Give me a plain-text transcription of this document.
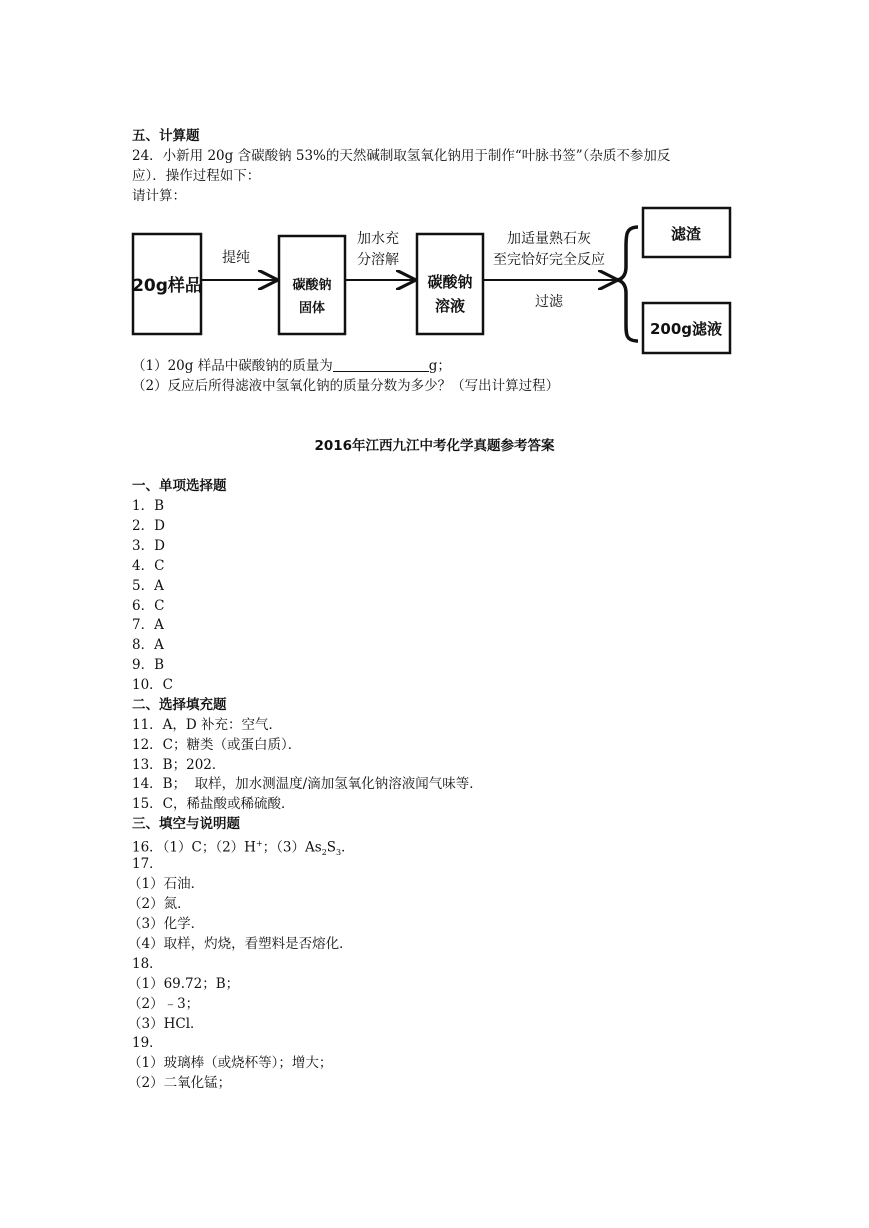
五、计算题
24．小新用 20g 含碳酸钠 53%的天然碱制取氢氧化钠用于制作“叶脉书签”（杂质不参加反
应）．操作过程如下：
请计算：
20g样品
提纯
碳酸钠
固体
加水充
分溶解
碳酸钠
溶液
加适量熟石灰
至完恰好完全反应
过滤
滤渣
200g滤液
（1）20g 样品中碳酸钠的质量为	g；
（2）反应后所得滤液中氢氧化钠的质量分数为多少？（写出计算过程）
2016年江西九江中考化学真题参考答案
一、单项选择题
1．B
2．D
3．D
4．C
5．A
6．C
7．A
8．A
9．B
10．C
二、选择填充题
11．A，D 补充：空气．
12．C；糖类（或蛋白质）．
13．B；202．
14．B；  取样，加水测温度/滴加氢氧化钠溶液闻气味等．
15．C，稀盐酸或稀硫酸．
三、填空与说明题
16．（1）C；（2）H+；$(3)As_2S_3$．
17．
（1）石油．
（2）氮．
（3）化学．
（4）取样，灼烧，看塑料是否熔化．
18．
（1）69.72；B；
（2）﹣3；
（3）HCl．
19．
（1）玻璃棒（或烧杯等）；增大；
（2）二氧化锰；
